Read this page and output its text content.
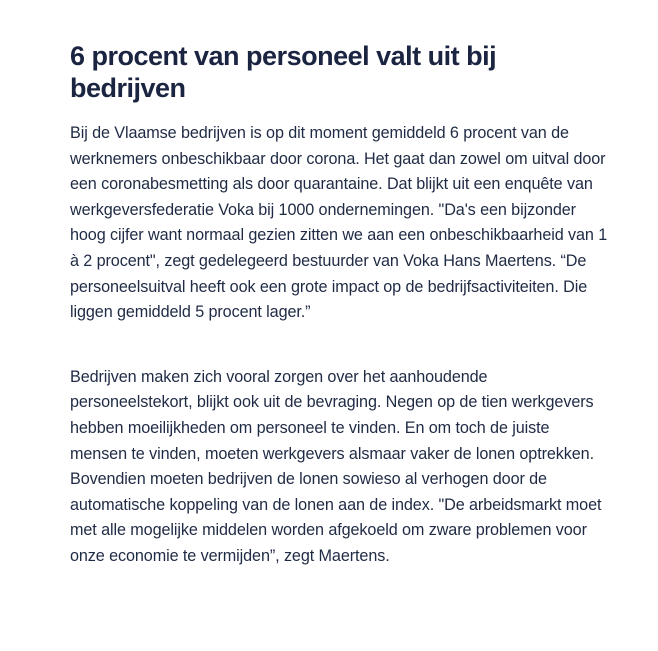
6 procent van personeel valt uit bij bedrijven

Bij de Vlaamse bedrijven is op dit moment gemiddeld 6 procent van de werknemers onbeschikbaar door corona. Het gaat dan zowel om uitval door een coronabesmetting als door quarantaine. Dat blijkt uit een enquête van werkgeversfederatie Voka bij 1000 ondernemingen. "Da's een bijzonder hoog cijfer want normaal gezien zitten we aan een onbeschikbaarheid van 1 à 2 procent", zegt gedelegeerd bestuurder van Voka Hans Maertens. “De personeelsuitval heeft ook een grote impact op de bedrijfsactiviteiten. Die liggen gemiddeld 5 procent lager.”

Bedrijven maken zich vooral zorgen over het aanhoudende personeelstekort, blijkt ook uit de bevraging. Negen op de tien werkgevers hebben moeilijkheden om personeel te vinden. En om toch de juiste mensen te vinden, moeten werkgevers alsmaar vaker de lonen optrekken. Bovendien moeten bedrijven de lonen sowieso al verhogen door de automatische koppeling van de lonen aan de index. "De arbeidsmarkt moet met alle mogelijke middelen worden afgekoeld om zware problemen voor onze economie te vermijden”, zegt Maertens.
